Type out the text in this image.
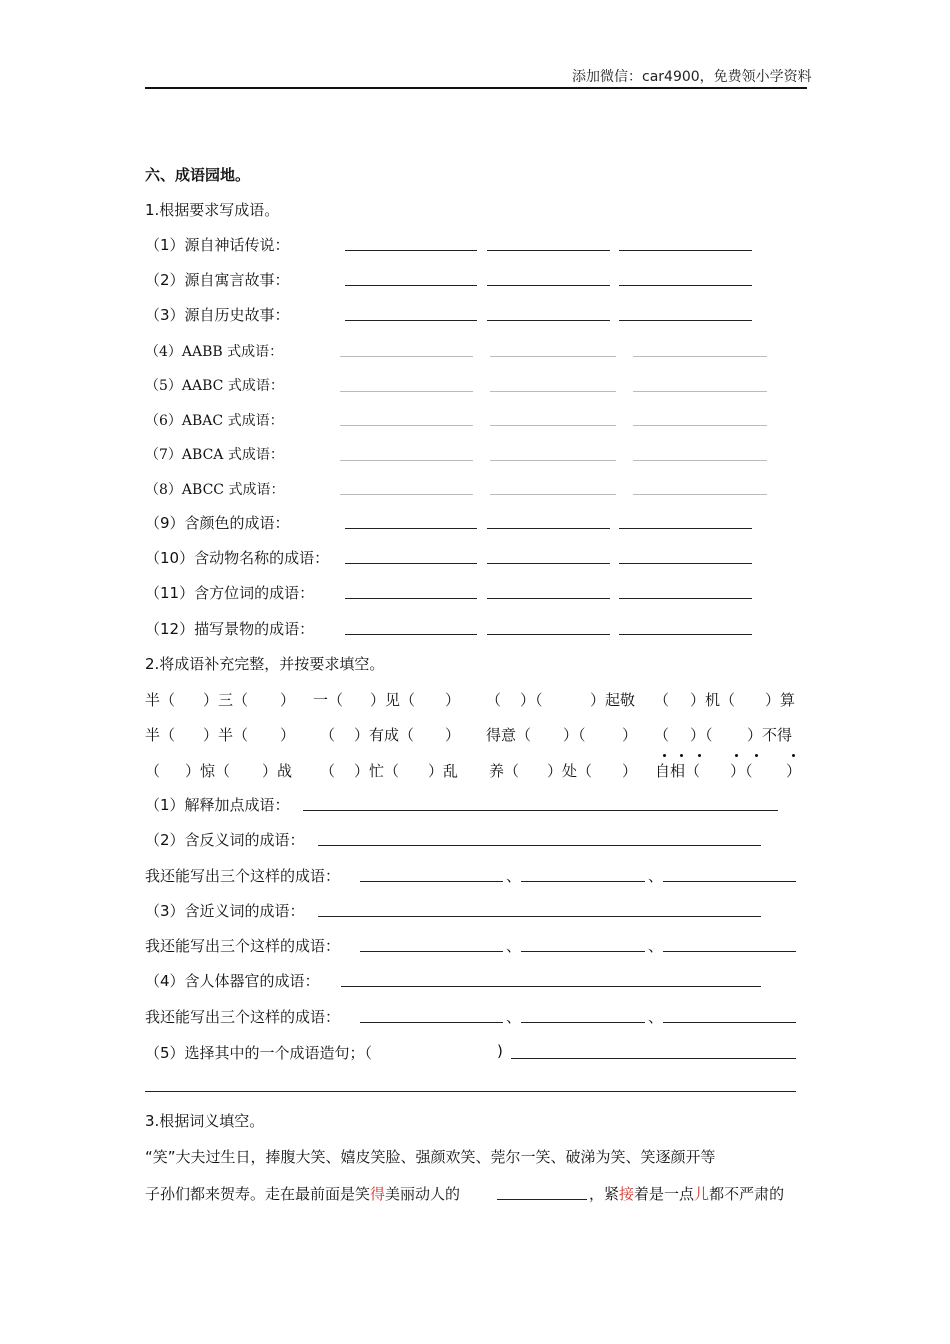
添加微信：car4900，免费领小学资料
六、成语园地。
1.根据要求写成语。
（1）源自神话传说：
（2）源自寓言故事：
（3）源自历史故事：
（4）AABB 式成语：
（5）AABC 式成语：
（6）ABAC 式成语：
（7）ABCA 式成语：
（8）ABCC 式成语：
（9）含颜色的成语：
（10）含动物名称的成语：
（11）含方位词的成语：
（12）描写景物的成语：
2.将成语补充完整，并按要求填空。
半（ ）三（ ） 一（ ）见（ ） （ ）（	）起敬 （ ）机（ ）算
半（ ）半（ ） （ ）有成（ ） 得意（ ）（ ） （ ）（ ）不得
（ ）惊（ ）战 （ ）忙（ ）乱 养（ ）处（ ） 自相（ ）（ ）
（1）解释加点成语：
（2）含反义词的成语：
我还能写出三个这样的成语：	、	、
（3）含近义词的成语：
我还能写出三个这样的成语：	、	、
（4）含人体器官的成语：
我还能写出三个这样的成语：	、	、
（5）选择其中的一个成语造句；（	)
3.根据词义填空。
“笑”大夫过生日，捧腹大笑、嬉皮笑脸、强颜欢笑、莞尔一笑、破涕为笑、笑逐颜开等
子孙们都来贺寿。走在最前面是笑得美丽动人的	，紧接着是一点儿都不严肃的
